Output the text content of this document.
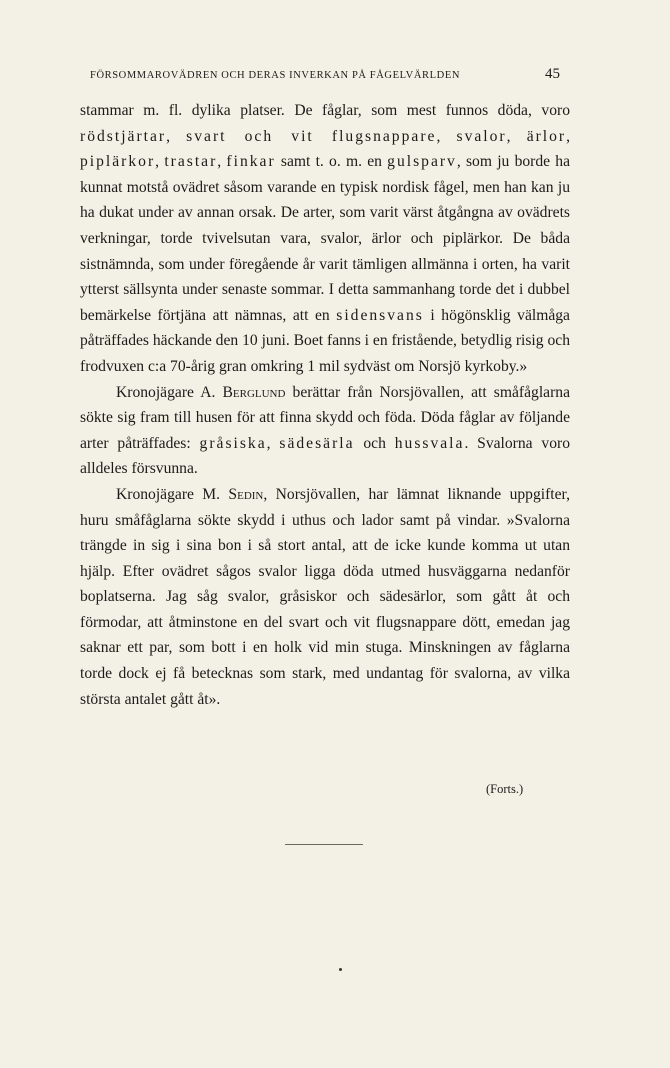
FÖRSOMMAROVÄDREN OCH DERAS INVERKAN PÅ FÅGELVÄRLDEN	45

stammar m. fl. dylika platser. De fåglar, som mest funnos döda, voro rödstjärtar, svart och vit flugsnappare, svalor, ärlor, piplärkor, trastar, finkar samt t. o. m. en gulsparv, som ju borde ha kunnat motstå ovädret såsom varande en typisk nordisk fågel, men han kan ju ha dukat under av annan orsak. De arter, som varit värst åtgångna av ovädrets verkningar, torde tvivelsutan vara, svalor, ärlor och piplärkor. De båda sistnämnda, som under föregående år varit tämligen allmänna i orten, ha varit ytterst sällsynta under senaste sommar. I detta sammanhang torde det i dubbel bemärkelse förtjäna att nämnas, att en sidensvans i högönsklig välmåga påträffades häckande den 10 juni. Boet fanns i en fristående, betydlig risig och frodvuxen c:a 70-årig gran omkring 1 mil sydväst om Norsjö kyrkoby.»

Kronojägare A. Berglund berättar från Norsjövallen, att småfåglarna sökte sig fram till husen för att finna skydd och föda. Döda fåglar av följande arter påträffades: gråsiska, sädesärla och hussvala. Svalorna voro alldeles försvunna.

Kronojägare M. Sedin, Norsjövallen, har lämnat liknande uppgifter, huru småfåglarna sökte skydd i uthus och lador samt på vindar. »Svalorna trängde in sig i sina bon i så stort antal, att de icke kunde komma ut utan hjälp. Efter ovädret sågos svalor ligga döda utmed husväggarna nedanför boplatserna. Jag såg svalor, gråsiskor och sädesärlor, som gått åt och förmodar, att åtminstone en del svart och vit flugsnappare dött, emedan jag saknar ett par, som bott i en holk vid min stuga. Minskningen av fåglarna torde dock ej få betecknas som stark, med undantag för svalorna, av vilka största antalet gått åt».

(Forts.)
